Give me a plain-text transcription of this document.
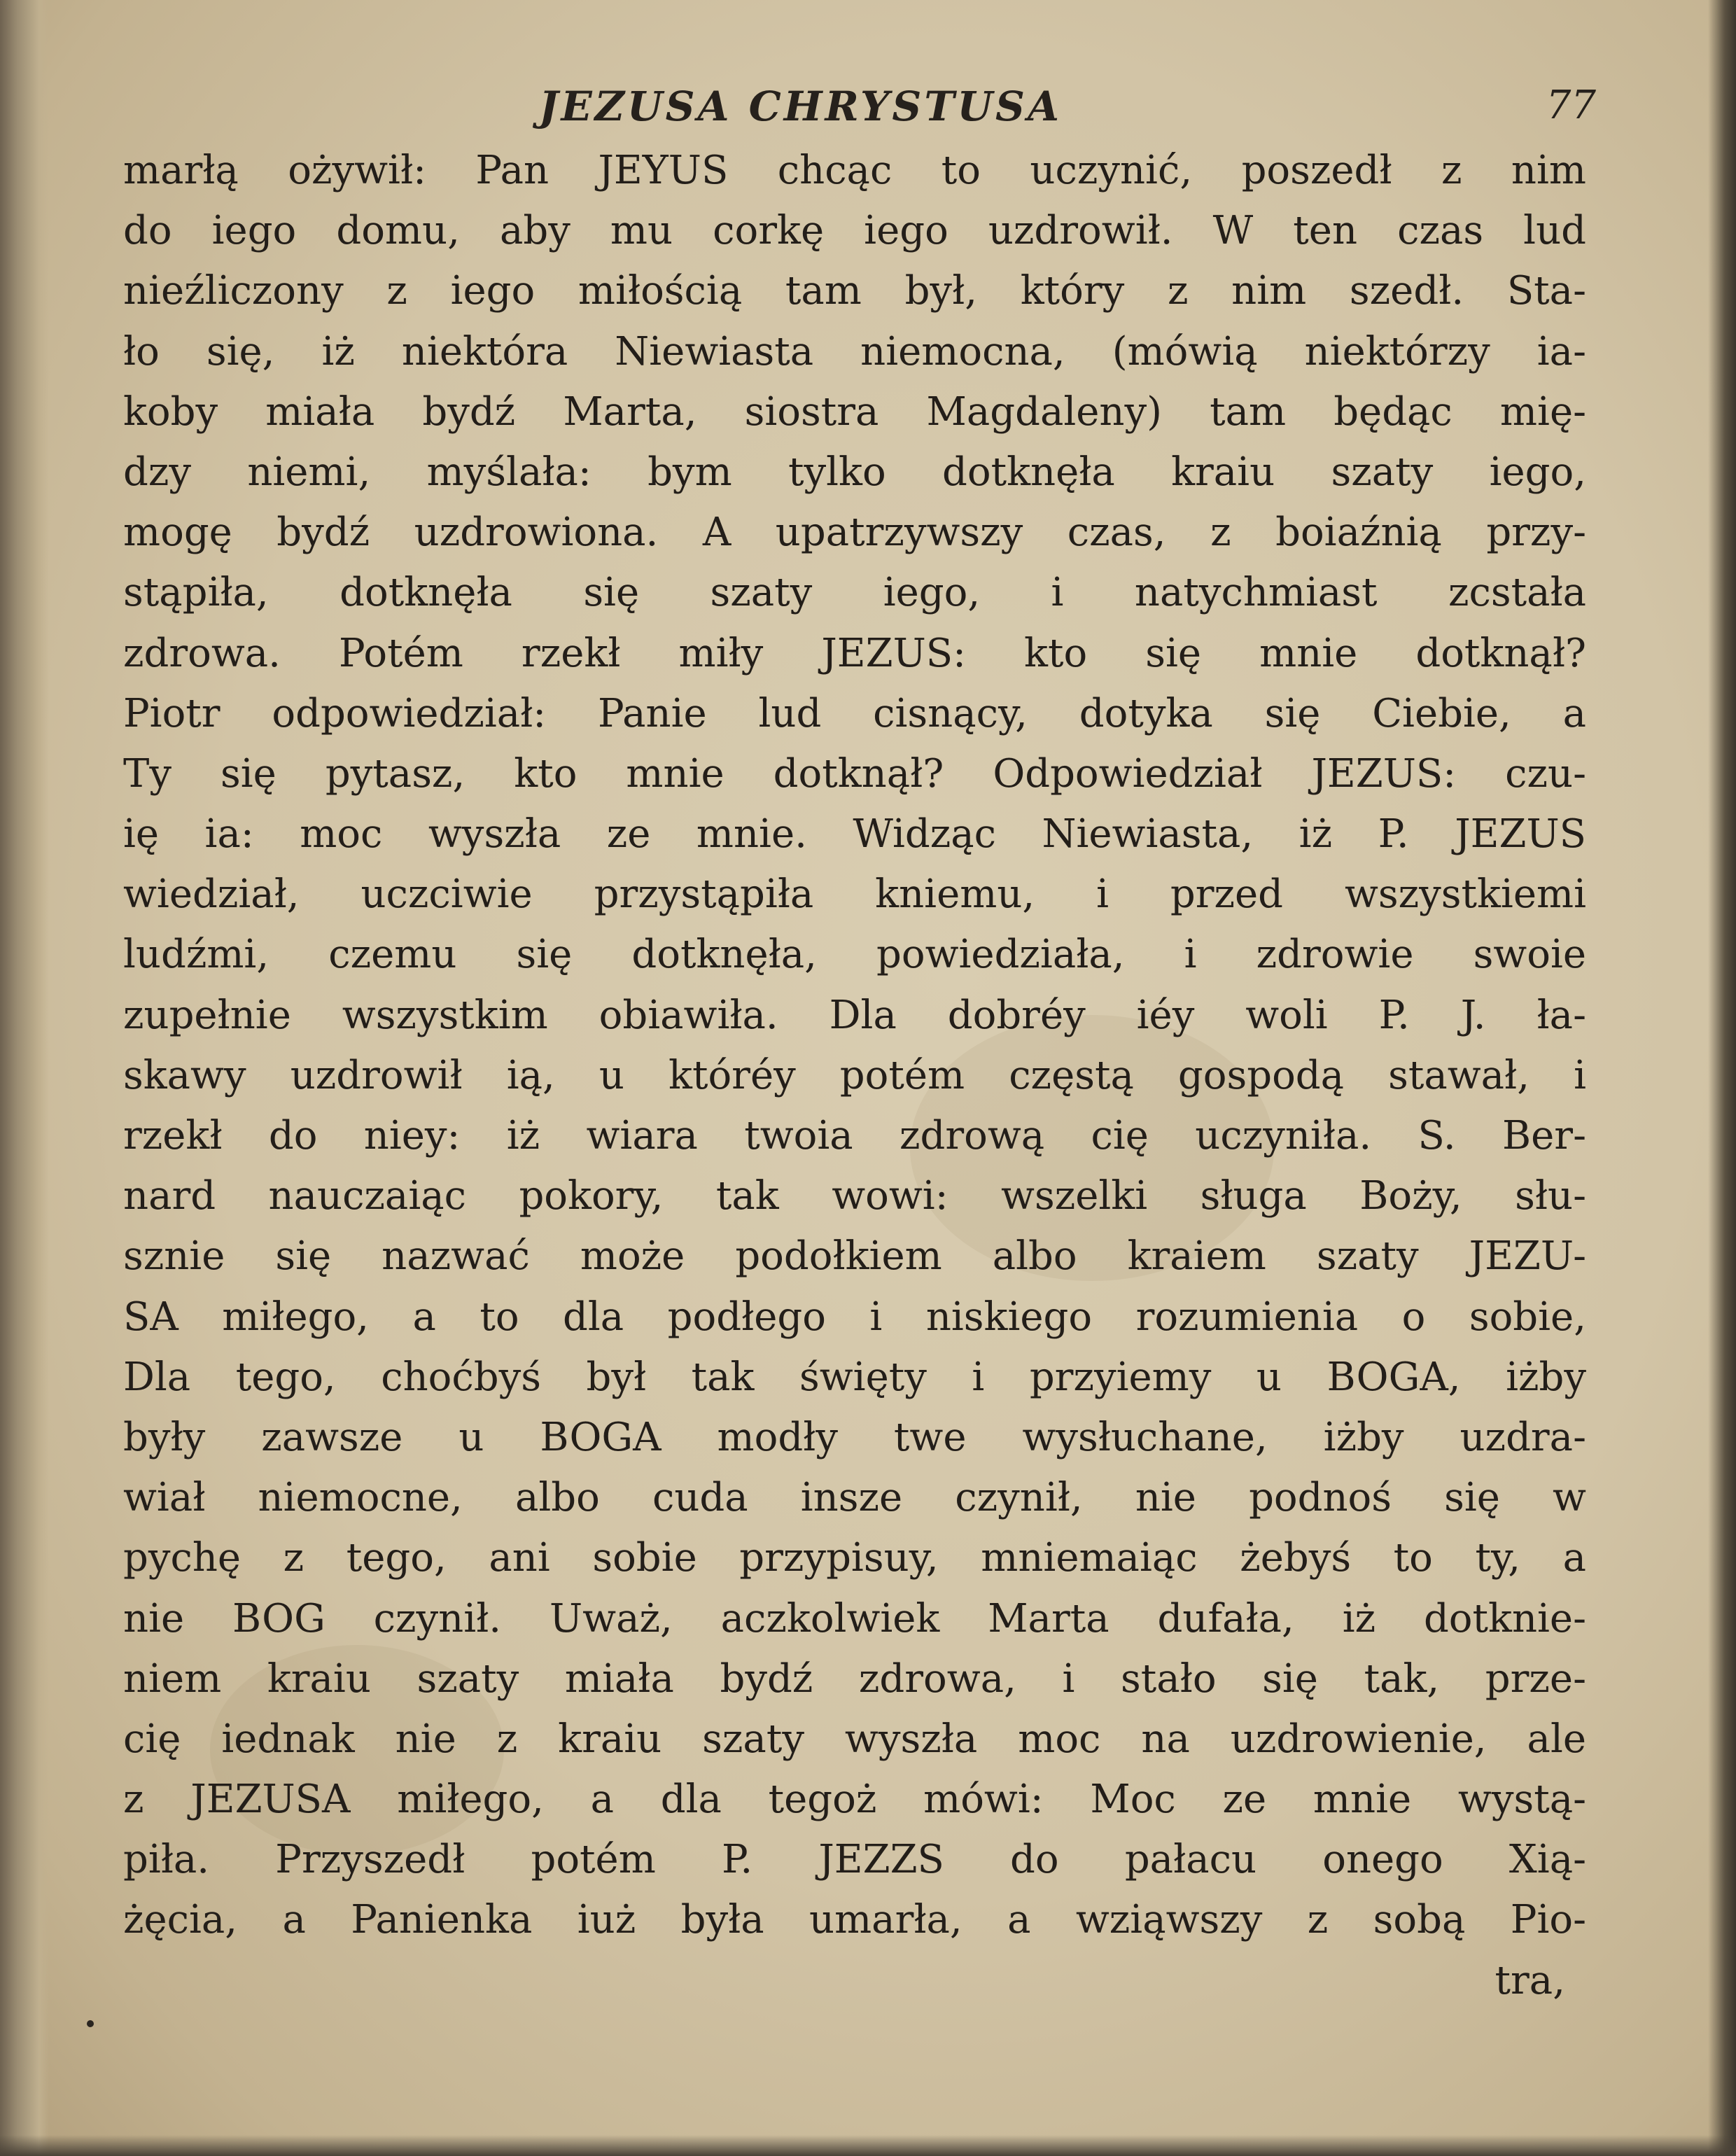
JEZUSA CHRYSTUSA	77
marłą ożywił: Pan JEYUS chcąc to uczynić, poszedł z nim
do iego domu, aby mu corkę iego uzdrowił. W ten czas lud
nieźliczony z iego miłością tam był, który z nim szedł. Sta-
ło się, iż niektóra Niewiasta niemocna, (mówią niektórzy ia-
koby miała bydź Marta, siostra Magdaleny) tam będąc mię-
dzy niemi, myślała: bym tylko dotknęła kraiu szaty iego,
mogę bydź uzdrowiona. A upatrzywszy czas, z boiaźnią przy-
stąpiła, dotknęła się szaty iego, i natychmiast zcstała
zdrowa. Potém rzekł miły JEZUS: kto się mnie dotknął?
Piotr odpowiedział: Panie lud cisnący, dotyka się Ciebie, a
Ty się pytasz, kto mnie dotknął? Odpowiedział JEZUS: czu-
ię ia: moc wyszła ze mnie. Widząc Niewiasta, iż P. JEZUS
wiedział, uczciwie przystąpiła kniemu, i przed wszystkiemi
ludźmi, czemu się dotknęła, powiedziała, i zdrowie swoie
zupełnie wszystkim obiawiła. Dla dobréy iéy woli P. J. ła-
skawy uzdrowił ią, u któréy potém częstą gospodą stawał, i
rzekł do niey: iż wiara twoia zdrową cię uczyniła. S. Ber-
nard nauczaiąc pokory, tak wowi: wszelki sługa Boży, słu-
sznie się nazwać może podołkiem albo kraiem szaty JEZU-
SA miłego, a to dla podłego i niskiego rozumienia o sobie,
Dla tego, choćbyś był tak święty i przyiemy u BOGA, iżby
były zawsze u BOGA modły twe wysłuchane, iżby uzdra-
wiał niemocne, albo cuda insze czynił, nie podnoś się w
pychę z tego, ani sobie przypisuy, mniemaiąc żebyś to ty, a
nie BOG czynił. Uważ, aczkolwiek Marta dufała, iż dotknie-
niem kraiu szaty miała bydź zdrowa, i stało się tak, prze-
cię iednak nie z kraiu szaty wyszła moc na uzdrowienie, ale
z JEZUSA miłego, a dla tegoż mówi: Moc ze mnie wystą-
piła. Przyszedł potém P. JEZZS do pałacu onego Xią-
żęcia, a Panienka iuż była umarła, a wziąwszy z sobą Pio-
tra,
